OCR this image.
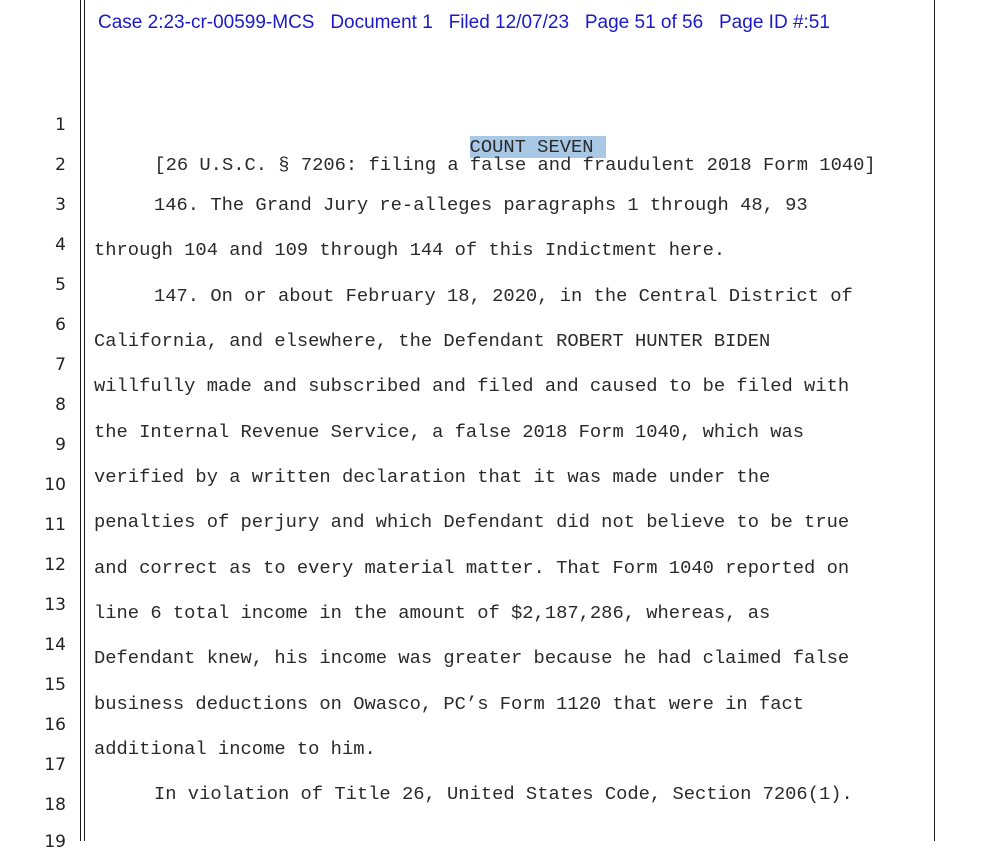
Case 2:23-cr-00599-MCS   Document 1   Filed 12/07/23   Page 51 of 56   Page ID #:51
1
2
3
4
5
6
7
8
9
10
11
12
13
14
15
16
17
18
19

COUNT SEVEN

[26 U.S.C. § 7206: filing a false and fraudulent 2018 Form 1040]
146. The Grand Jury re-alleges paragraphs 1 through 48, 93
through 104 and 109 through 144 of this Indictment here.
147. On or about February 18, 2020, in the Central District of
California, and elsewhere, the Defendant ROBERT HUNTER BIDEN
willfully made and subscribed and filed and caused to be filed with
the Internal Revenue Service, a false 2018 Form 1040, which was
verified by a written declaration that it was made under the
penalties of perjury and which Defendant did not believe to be true
and correct as to every material matter. That Form 1040 reported on
line 6 total income in the amount of $2,187,286, whereas, as
Defendant knew, his income was greater because he had claimed false
business deductions on Owasco, PC’s Form 1120 that were in fact
additional income to him.
In violation of Title 26, United States Code, Section 7206(1).
